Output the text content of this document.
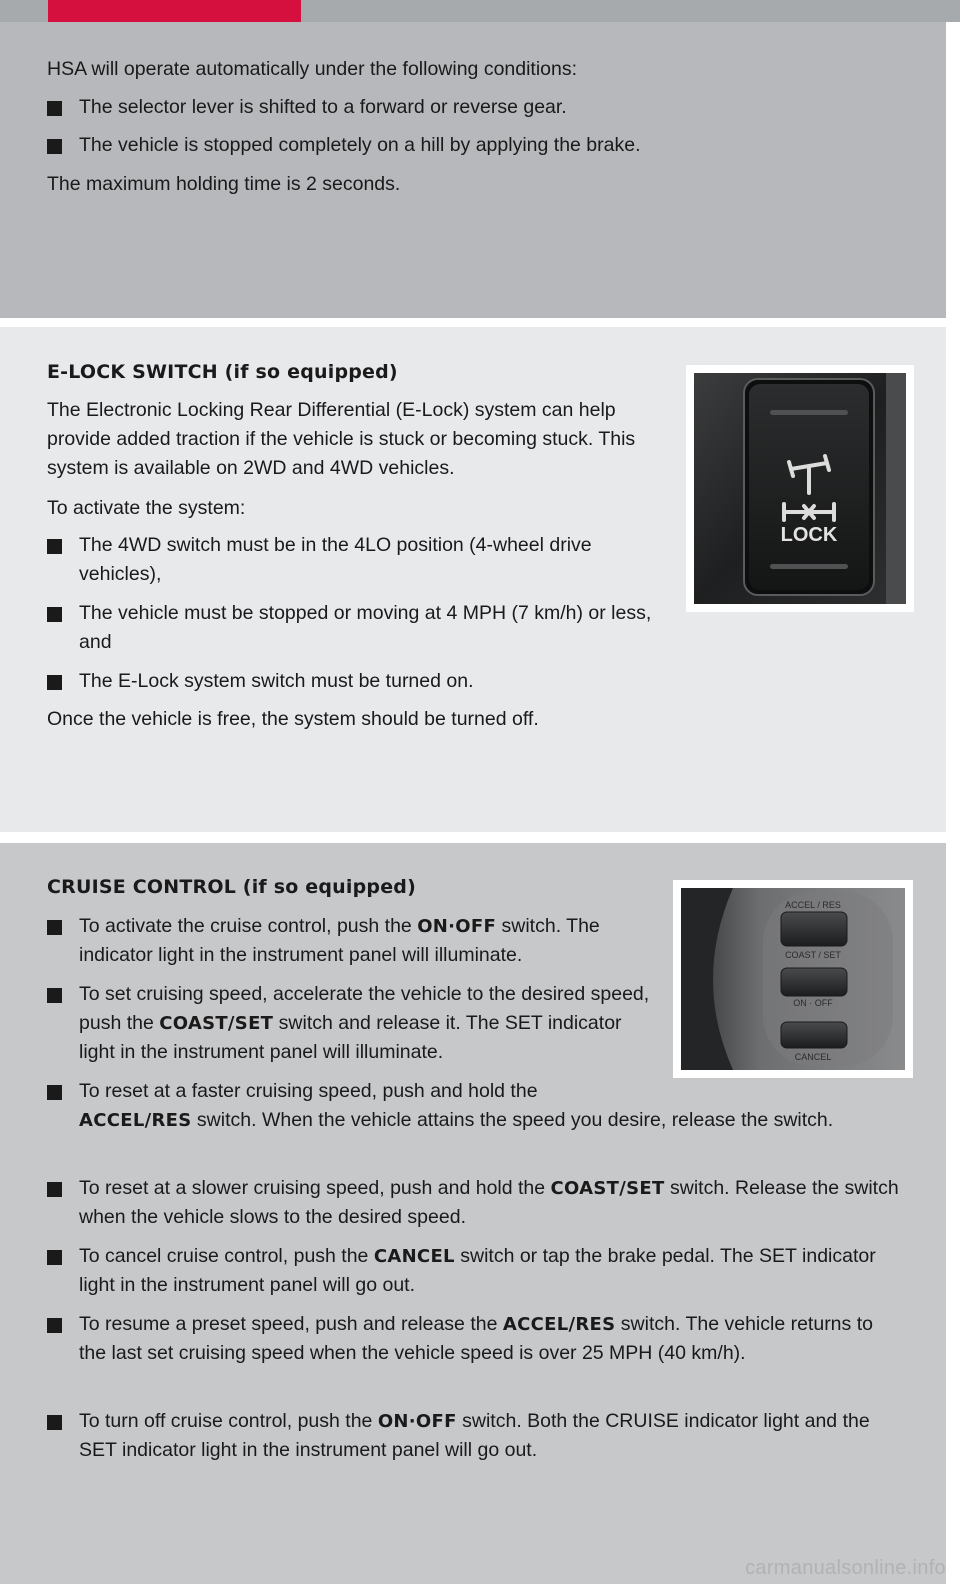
HSA will operate automatically under the following conditions:

The selector lever is shifted to a forward or reverse gear.
The vehicle is stopped completely on a hill by applying the brake.

The maximum holding time is 2 seconds.

E-LOCK SWITCH (if so equipped)

The Electronic Locking Rear Differential (E-Lock) system can help provide added traction if the vehicle is stuck or becoming stuck. This system is available on 2WD and 4WD vehicles.

To activate the system:

The 4WD switch must be in the 4LO position (4-wheel drive vehicles),
The vehicle must be stopped or moving at 4 MPH (7 km/h) or less, and
The E-Lock system switch must be turned on.

Once the vehicle is free, the system should be turned off.

LOCK
CRUISE CONTROL (if so equipped)
To activate the cruise control, push the ON·OFF switch. The indicator light in the instrument panel will illuminate.
To set cruising speed, accelerate the vehicle to the desired speed, push the COAST/SET switch and release it. The SET indicator light in the instrument panel will illuminate.
To reset at a faster cruising speed, push and hold the
ACCEL/RES switch. When the vehicle attains the speed you desire, release the switch.
To reset at a slower cruising speed, push and hold the COAST/SET switch. Release the switch when the vehicle slows to the desired speed.
To cancel cruise control, push the CANCEL switch or tap the brake pedal. The SET indicator light in the instrument panel will go out.
To resume a preset speed, push and release the ACCEL/RES switch. The vehicle returns to the last set cruising speed when the vehicle speed is over 25 MPH (40 km/h).
To turn off cruise control, push the ON·OFF switch. Both the CRUISE indicator light and the SET indicator light in the instrument panel will go out.
ACCEL / RES
COAST / SET
ON · OFF
CANCEL
carmanualsonline.info
